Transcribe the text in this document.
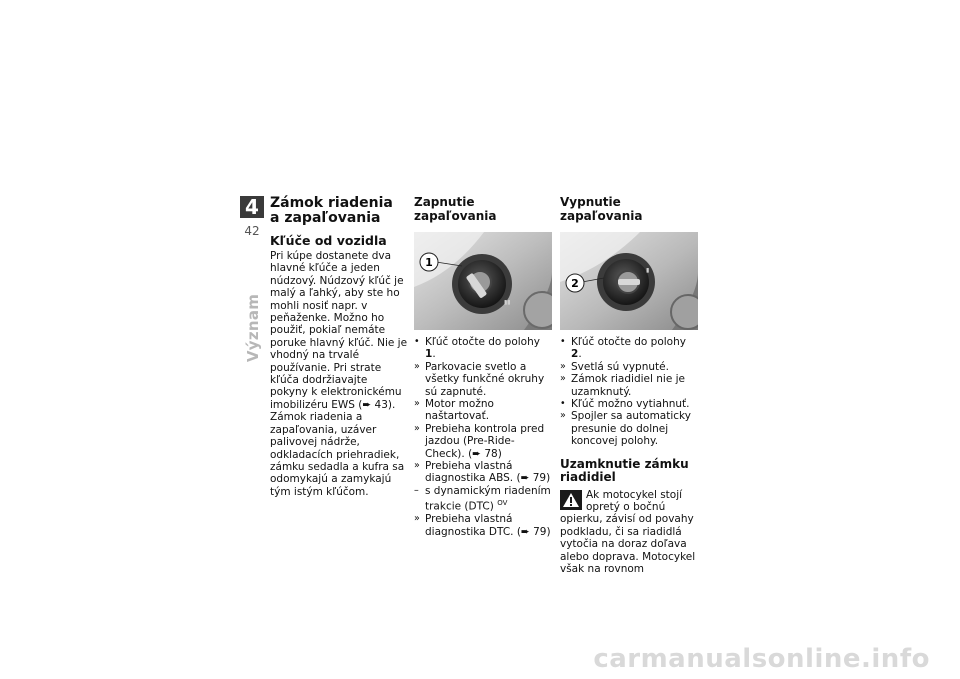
4
42
Význam
Zámok riadenia
a zapaľovania
Kľúče od vozidla

Pri kúpe dostanete dva hlavné kľúče a jeden núdzový. Núdzový kľúč je malý a ľahký, aby ste ho mohli nosiť napr. v peňaženke. Možno ho použiť, pokiaľ nemáte poruke hlavný kľúč. Nie je vhodný na trvalé používanie. Pri strate kľúča dodržiavajte pokyny k elektronickému imobilizéru EWS (➨ 43).

Zámok riadenia a zapaľovania, uzáver palivovej nádrže, odkladacích priehradiek, zámku sedadla a kufra sa odomykajú a zamykajú tým istým kľúčom.

Zapnutie zapaľovania
▮▮
1
• Kľúč otočte do polohy 1.
» Parkovacie svetlo a všetky funkčné okruhy sú zapnuté.
» Motor možno naštartovať.
» Prebieha kontrola pred jazdou (Pre-Ride-Check). (➨ 78)
» Prebieha vlastná diagnostika ABS. (➨ 79)
– s dynamickým riadením trakcie (DTC) $^{OV}$
» Prebieha vlastná diagnostika DTC. (➨ 79)
Vypnutie zapaľovania
▮
2
• Kľúč otočte do polohy 2.
» Svetlá sú vypnuté.
» Zámok riadidiel nie je uzamknutý.
• Kľúč možno vytiahnuť.
» Spojler sa automaticky presunie do dolnej koncovej polohy.
Uzamknutie zámku riadidiel

Ak motocykel stojí opretý o bočnú opierku, závisí od povahy podkladu, či sa riadidlá vytočia na doraz doľava alebo doprava. Motocykel však na rovnom

carmanualsonline.info
